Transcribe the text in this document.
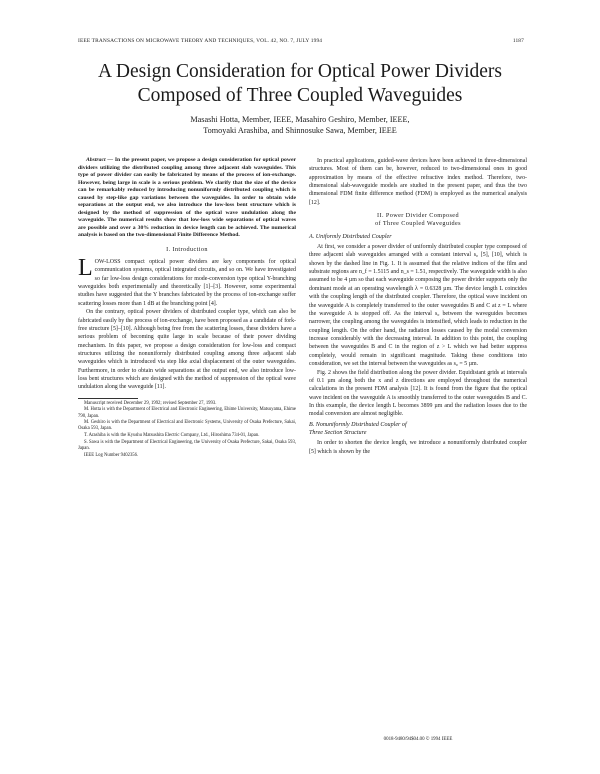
IEEE TRANSACTIONS ON MICROWAVE THEORY AND TECHNIQUES, VOL. 42, NO. 7, JULY 1994	1187
A Design Consideration for Optical Power Dividers Composed of Three Coupled Waveguides
Masashi Hotta, Member, IEEE, Masahiro Geshiro, Member, IEEE,
Tomoyaki Arashiba, and Shinnosuke Sawa, Member, IEEE

Abstract — In the present paper, we propose a design consideration for optical power dividers utilizing the distributed coupling among three adjacent slab waveguides. This type of power divider can easily be fabricated by means of the process of ion-exchange. However, being large in scale is a serious problem. We clarify that the size of the device can be remarkably reduced by introducing nonuniformly distributed coupling which is caused by step-like gap variations between the waveguides. In order to obtain wide separations at the output end, we also introduce the low-loss bent structure which is designed by the method of suppression of the optical wave undulation along the waveguide. The numerical results show that low-loss wide separations of optical waves are possible and over a 30% reduction in device length can be achieved. The numerical analysis is based on the two-dimensional Finite Difference Method.

I. Introduction

LOW-LOSS compact optical power dividers are key components for optical communication systems, optical integrated circuits, and so on. We have investigated so far low-loss design considerations for mode-conversion type optical Y-branching waveguides both experimentally and theoretically [1]–[3]. However, some experimental studies have suggested that the Y branches fabricated by the process of ion-exchange suffer scattering losses more than 1 dB at the branching point [4].

On the contrary, optical power dividers of distributed coupler type, which can also be fabricated easily by the process of ion-exchange, have been proposed as a candidate of fork-free structure [5]–[10]. Although being free from the scattering losses, these dividers have a serious problem of becoming quite large in scale because of their power dividing mechanism. In this paper, we propose a design consideration for low-loss and compact structures utilizing the nonuniformly distributed coupling among three adjacent slab waveguides which is introduced via step like axial displacement of the outer waveguides. Furthermore, in order to obtain wide separations at the output end, we also introduce low-loss bent structures which are designed with the method of suppression of the optical wave undulation along the waveguide [11].

Manuscript received December 29, 1992; revised September 27, 1993.

M. Hotta is with the Department of Electrical and Electronic Engineering, Ehime University, Matsuyama, Ehime 790, Japan.

M. Geshiro is with the Department of Electrical and Electronic Systems, University of Osaka Prefecture, Sakai, Osaka 593, Japan.

T. Arashiba is with the Kyushu Matsushita Electric Company, Ltd., Hiroshima 734-01, Japan.

S. Sawa is with the Department of Electrical Engineering, the University of Osaka Prefecture, Sakai, Osaka 593, Japan.

IEEE Log Number 9402356.

In practical applications, guided-wave devices have been achieved in three-dimensional structures. Most of them can be, however, reduced to two-dimensional ones in good approximation by means of the effective refractive index method. Therefore, two-dimensional slab-waveguide models are studied in the present paper, and thus the two dimensional FDM finite difference method (FDM) is employed as the numerical analysis [12].

II. Power Divider Composed
of Three Coupled Waveguides
A. Uniformly Distributed Coupler

At first, we consider a power divider of uniformly distributed coupler type composed of three adjacent slab waveguides arranged with a constant interval s₀ [5], [10], which is shown by the dashed line in Fig. 1. It is assumed that the relative indices of the film and substrate regions are n_f = 1.5115 and n_s = 1.51, respectively. The waveguide width is also assumed to be 4 µm so that each waveguide composing the power divider supports only the dominant mode at an operating wavelength λ = 0.6328 µm. The device length L coincides with the coupling length of the distributed coupler. Therefore, the optical wave incident on the waveguide A is completely transferred to the outer waveguides B and C at z = L where the waveguide A is stopped off. As the interval s₀ between the waveguides becomes narrower, the coupling among the waveguides is intensified, which leads to reduction in the coupling length. On the other hand, the radiation losses caused by the modal conversion increase considerably with the decreasing interval. In addition to this point, the coupling between the waveguides B and C in the region of z > L which we had better suppress completely, would remain in significant magnitude. Taking these conditions into consideration, we set the interval between the waveguides as s₀ = 5 µm.

Fig. 2 shows the field distribution along the power divider. Equidistant grids at intervals of 0.1 µm along both the x and z directions are employed throughout the numerical calculations in the present FDM analysis [12]. It is found from the figure that the optical wave incident on the waveguide A is smoothly transferred to the outer waveguides B and C. In this example, the device length L becomes 3899 µm and the radiation losses due to the modal conversion are almost negligible.

B. Nonuniformly Distributed Coupler of
Three Section Structure

In order to shorten the device length, we introduce a nonuniformly distributed coupler [5] which is shown by the

0018-9480/94$04.00 © 1994 IEEE
